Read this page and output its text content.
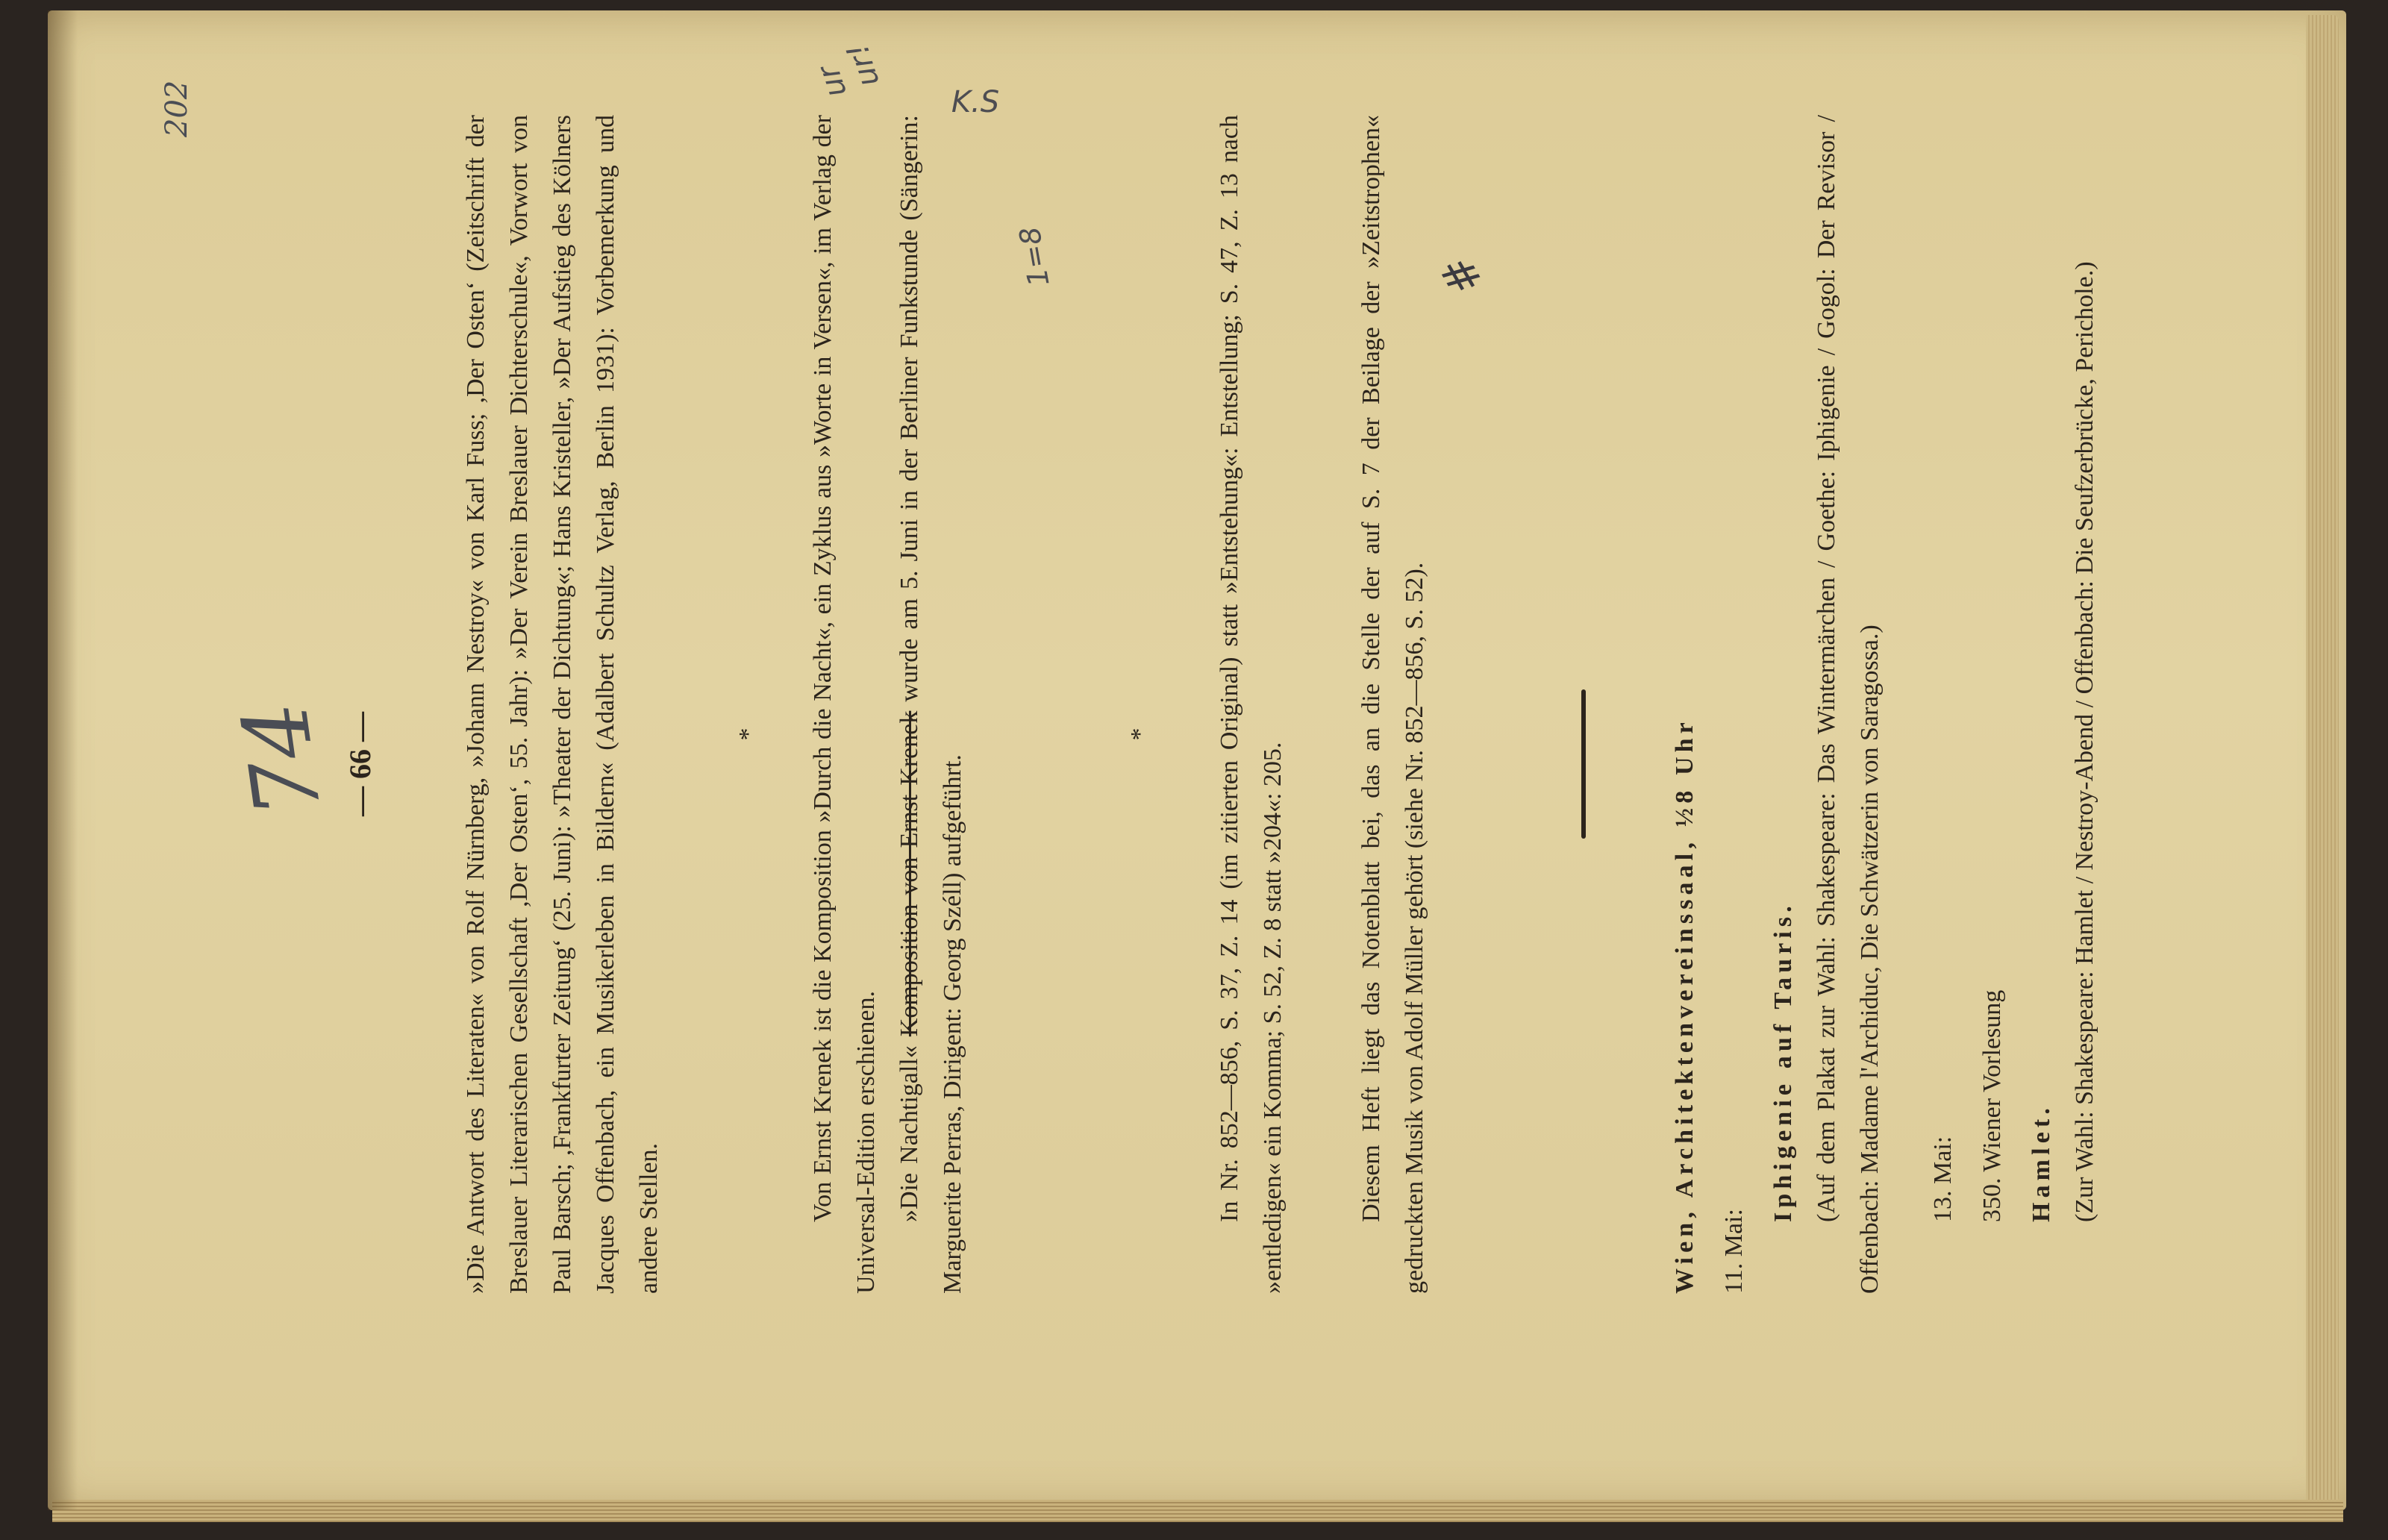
— 66 —
74
202

»Die Antwort des Literaten« von Rolf Nürnberg, »Johann Nestroy« von Karl Fuss; ,Der Osten‘ (Zeitschrift der Breslauer Literarischen Gesellschaft ,Der Osten‘, 55. Jahr): »Der Verein Breslauer Dichterschule«, Vorwort von Paul Barsch; ,Frankfurter Zeitung‘ (25. Juni): »Theater der Dichtung«; Hans Kristeller, »Der Aufstieg des Kölners Jacques Offenbach, ein Musikerleben in Bildern« (Adalbert Schultz Verlag, Berlin 1931): Vorbemerkung und andere Stellen.

* Von Ernst Krenek ist die Komposition »Durch die Nacht«, ein Zyklus aus »Worte in Versen«, im Verlag der Universal-Edition erschienen. »Die Nachtigall« Komposition von Ernst Krenek wurde am 5. Juni in der Berliner Funkstunde (Sängerin: Marguerite Perras, Dirigent: Georg Széll) aufgeführt.

ur ur!
K.S
1=8
* In Nr. 852—856, S. 37, Z. 14 (im zitierten Original) statt »Entstehung«: Entstellung; S. 47, Z. 13 nach »entledigen« ein Komma; S. 52, Z. 8 statt »204«: 205.	Diesem Heft liegt das Notenblatt bei, das an die Stelle der auf S. 7 der Beilage der »Zeitstrophen« gedruckten Musik von Adolf Müller gehört (siehe Nr. 852—856, S. 52).

#

Wien, Architektenvereinssaal, ½8 Uhr 11. Mai:

Iphigenie auf Tauris. (Auf dem Plakat zur Wahl: Shakespeare: Das Wintermärchen / Goethe: Iphigenie / Gogol: Der Revisor / Offenbach: Madame l'Archiduc, Die Schwätzerin von Saragossa.)	13. Mai: 350. Wiener Vorlesung Hamlet. (Zur Wahl: Shakespeare: Hamlet / Nestroy-Abend / Offenbach: Die Seufzerbrücke, Perichole.)
